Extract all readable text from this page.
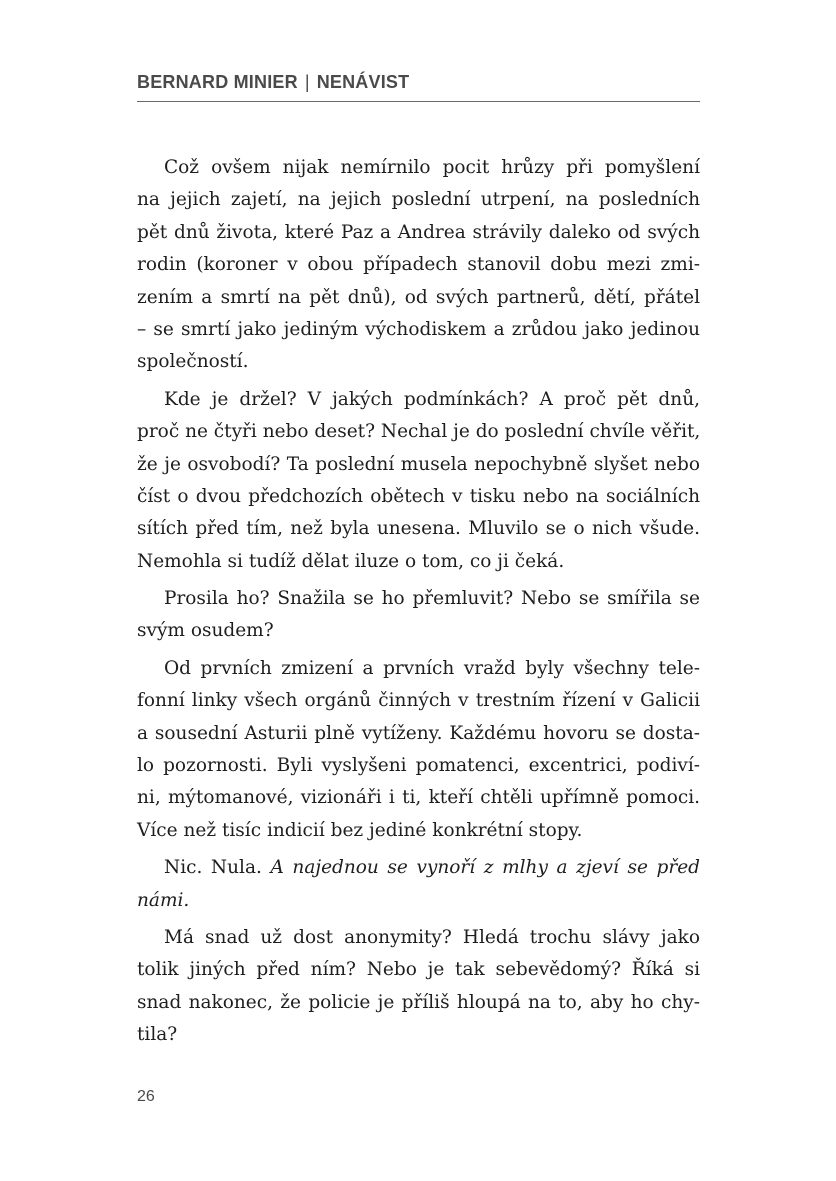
BERNARD MINIER | NENÁVIST
Což ovšem nijak nemírnilo pocit hrůzy při pomyšlení
na jejich zajetí, na jejich poslední utrpení, na posledních
pět dnů života, které Paz a Andrea strávily daleko od svých
rodin (koroner v obou případech stanovil dobu mezi zmi-
zením a smrtí na pět dnů), od svých partnerů, dětí, přátel
– se smrtí jako jediným východiskem a zrůdou jako jedinou
společností.
Kde je držel? V jakých podmínkách? A proč pět dnů,
proč ne čtyři nebo deset? Nechal je do poslední chvíle věřit,
že je osvobodí? Ta poslední musela nepochybně slyšet nebo
číst o dvou předchozích obětech v tisku nebo na sociálních
sítích před tím, než byla unesena. Mluvilo se o nich všude.
Nemohla si tudíž dělat iluze o tom, co ji čeká.
Prosila ho? Snažila se ho přemluvit? Nebo se smířila se
svým osudem?
Od prvních zmizení a prvních vražd byly všechny tele-
fonní linky všech orgánů činných v trestním řízení v Galicii
a sousední Asturii plně vytíženy. Každému hovoru se dosta-
lo pozornosti. Byli vyslyšeni pomatenci, excentrici, podiví-
ni, mýtomanové, vizionáři i ti, kteří chtěli upřímně pomoci.
Více než tisíc indicií bez jediné konkrétní stopy.
Nic. Nula. A najednou se vynoří z mlhy a zjeví se před
námi.
Má snad už dost anonymity? Hledá trochu slávy jako
tolik jiných před ním? Nebo je tak sebevědomý? Říká si
snad nakonec, že policie je příliš hloupá na to, aby ho chy-
tila?
26
